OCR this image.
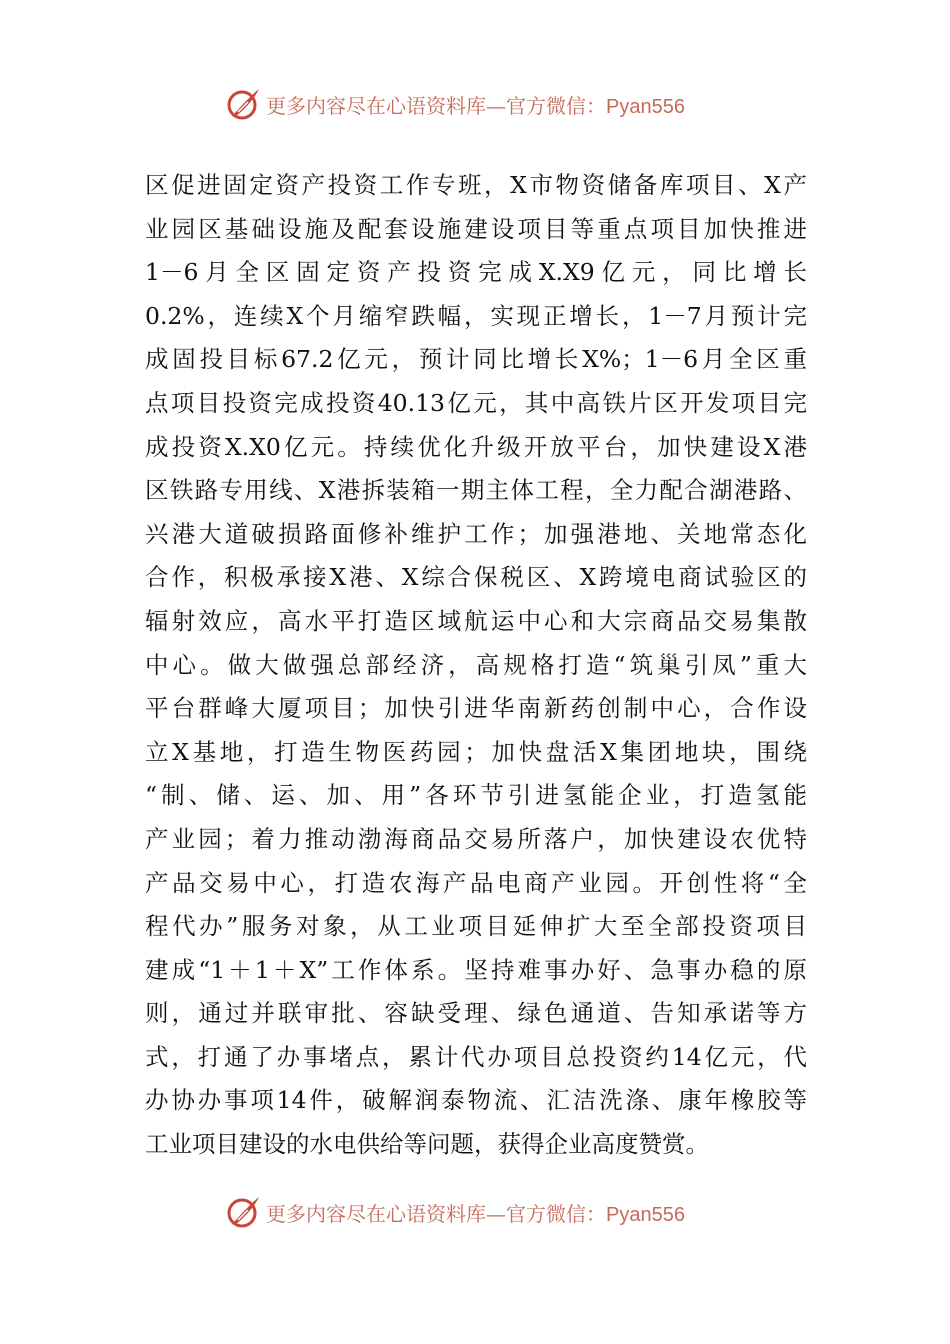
更多内容尽在心语资料库—官方微信：Pyan556
区促进固定资产投资工作专班，X市物资储备库项目、X产
业园区基础设施及配套设施建设项目等重点项目加快推进
1－6月全区固定资产投资完成X.X9亿元，同比增长
0.2%，连续X个月缩窄跌幅，实现正增长，1－7月预计完
成固投目标67.2亿元，预计同比增长X%；1－6月全区重
点项目投资完成投资40.13亿元，其中高铁片区开发项目完
成投资X.X0亿元。持续优化升级开放平台，加快建设X港
区铁路专用线、X港拆装箱一期主体工程，全力配合湖港路、
兴港大道破损路面修补维护工作；加强港地、关地常态化
合作，积极承接X港、X综合保税区、X跨境电商试验区的
辐射效应，高水平打造区域航运中心和大宗商品交易集散
中心。做大做强总部经济，高规格打造“筑巢引凤”重大
平台群峰大厦项目；加快引进华南新药创制中心，合作设
立X基地，打造生物医药园；加快盘活X集团地块，围绕
“制、储、运、加、用”各环节引进氢能企业，打造氢能
产业园；着力推动渤海商品交易所落户，加快建设农优特
产品交易中心，打造农海产品电商产业园。开创性将“全
程代办”服务对象，从工业项目延伸扩大至全部投资项目
建成“1＋1＋X”工作体系。坚持难事办好、急事办稳的原
则，通过并联审批、容缺受理、绿色通道、告知承诺等方
式，打通了办事堵点，累计代办项目总投资约14亿元，代
办协办事项14件，破解润泰物流、汇洁洗涤、康年橡胶等
工业项目建设的水电供给等问题，获得企业高度赞赏。
更多内容尽在心语资料库—官方微信：Pyan556
